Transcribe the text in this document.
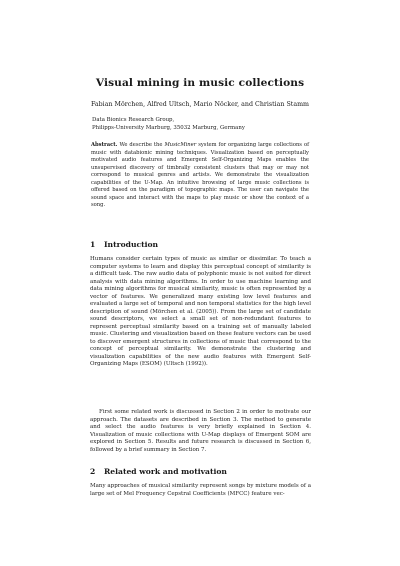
Visual mining in music collections
Fabian Mörchen, Alfred Ultsch, Mario Nöcker, and Christian Stamm
Data Bionics Research Group,
Philipps-University Marburg, 35032 Marburg, Germany
Abstract. We describe the MusicMiner system for organizing large collections of music with databionic mining techniques. Visualization based on perceptually motivated audio features and Emergent Self-Organizing Maps enables the unsupervised discovery of timbrally consistent clusters that may or may not correspond to musical genres and artists. We demonstrate the visualization capabilities of the U-Map. An intuitive browsing of large music collections is offered based on the paradigm of topographic maps. The user can navigate the sound space and interact with the maps to play music or show the context of a song.
1 Introduction
Humans consider certain types of music as similar or dissimilar. To teach a computer systems to learn and display this perceptual concept of similarity is a difficult task. The raw audio data of polyphonic music is not suited for direct analysis with data mining algorithms. In order to use machine learning and data mining algorithms for musical similarity, music is often represented by a vector of features. We generalized many existing low level features and evaluated a large set of temporal and non temporal statistics for the high level description of sound (Mörchen et al. (2005)). From the large set of candidate sound descriptors, we select a small set of non-redundant features to represent perceptual similarity based on a training set of manually labeled music. Clustering and visualization based on these feature vectors can be used to discover emergent structures in collections of music that correspond to the concept of perceptual similarity. We demonstrate the clustering and visualization capabilities of the new audio features with Emergent Self-Organizing Maps (ESOM) (Ultsch (1992)).
First some related work is discussed in Section 2 in order to motivate our approach. The datasets are described in Section 3. The method to generate and select the audio features is very briefly explained in Section 4. Visualization of music collections with U-Map displays of Emergent SOM are explored in Section 5. Results and future research is discussed in Section 6, followed by a brief summary in Section 7.
2 Related work and motivation
Many approaches of musical similarity represent songs by mixture models of a large set of Mel Frequency Cepstral Coefficients (MFCC) feature vec-
